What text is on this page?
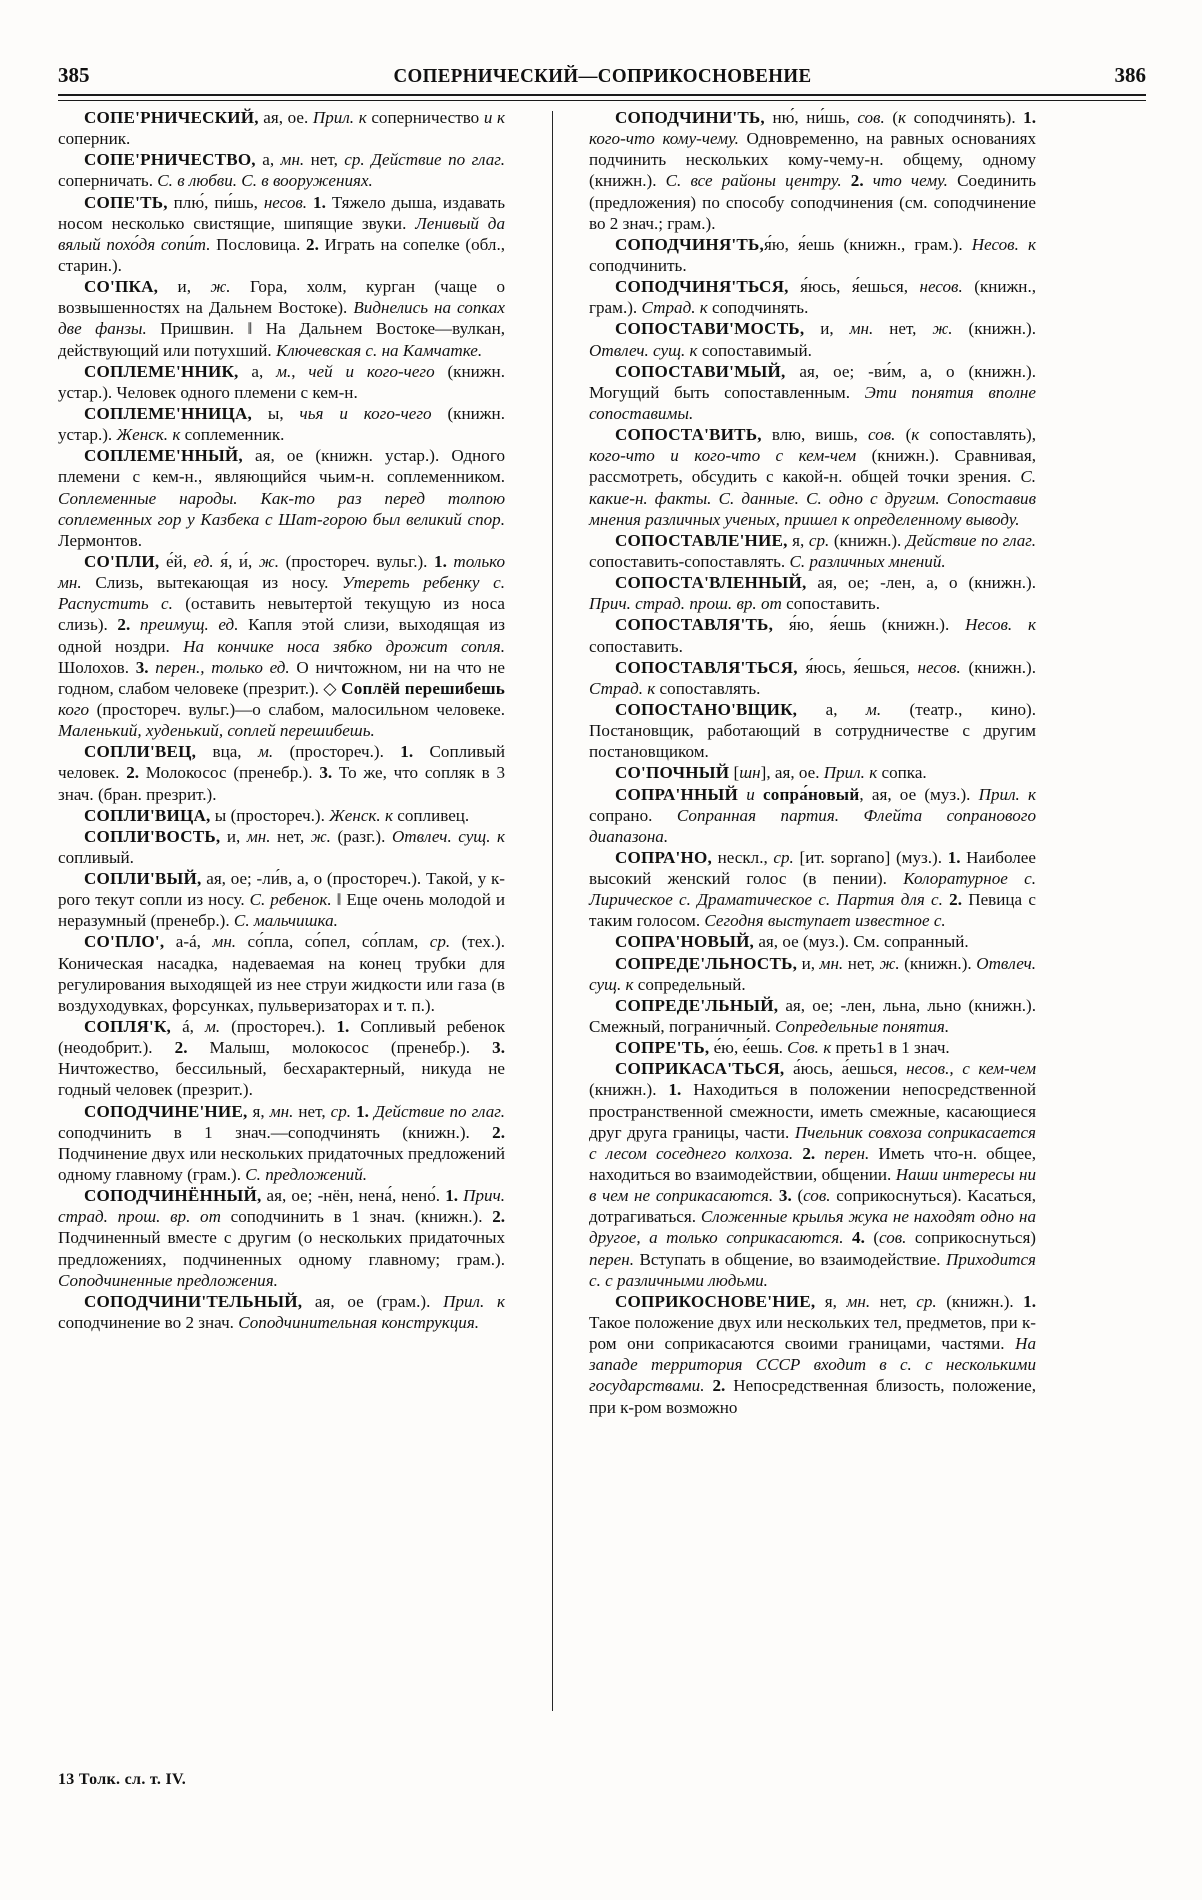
385	СОПЕРНИЧЕСКИЙ—СОПРИКОСНОВЕНИЕ	386

СОПЕ'РНИЧЕСКИЙ, ая, ое. Прил. к соперничество и к соперник.

СОПЕ'РНИЧЕСТВО, а, мн. нет, ср. Действие по глаг. соперничать. С. в любви. С. в вооружениях.

СОПЕ'ТЬ, плю́, пи́шь, несов. 1. Тяжело дыша, издавать носом несколько свистящие, шипящие звуки. Ленивый да вялый похо́дя сопи́т. Пословица. 2. Играть на сопелке (обл., старин.).

СО'ПКА, и, ж. Гора, холм, курган (чаще о возвышенностях на Дальнем Востоке). Виднелись на сопках две фанзы. Пришвин. ‖ На Дальнем Востоке—вулкан, действующий или потухший. Ключевская с. на Камчатке.

СОПЛЕМЕ'ННИК, а, м., чей и кого-чего (книжн. устар.). Человек одного племени с кем-н.

СОПЛЕМЕ'ННИЦА, ы, чья и кого-чего (книжн. устар.). Женск. к соплеменник.

СОПЛЕМЕ'ННЫЙ, ая, ое (книжн. устар.). Одного племени с кем-н., являющийся чьим-н. соплеменником. Соплеменные народы. Как-то раз перед толпою соплеменных гор у Казбека с Шат-горою был великий спор. Лермонтов.

СО'ПЛИ, е́й, ед. я́, и́, ж. (простореч. вульг.). 1. только мн. Слизь, вытекающая из носу. Утереть ребенку с. Распустить с. (оставить невытертой текущую из носа слизь). 2. преимущ. ед. Капля этой слизи, выходящая из одной ноздри. На кончике носа зябко дрожит сопля. Шолохов. 3. перен., только ед. О ничтожном, ни на что не годном, слабом человеке (презрит.). ◇ Соплёй перешибешь кого (простореч. вульг.)—о слабом, малосильном человеке. Маленький, худенький, соплей перешибешь.

СОПЛИ'ВЕЦ, вца, м. (простореч.). 1. Сопливый человек. 2. Молокосос (пренебр.). 3. То же, что сопляк в 3 знач. (бран. презрит.).

СОПЛИ'ВИЦА, ы (простореч.). Женск. к сопливец.

СОПЛИ'ВОСТЬ, и, мн. нет, ж. (разг.). Отвлеч. сущ. к сопливый.

СОПЛИ'ВЫЙ, ая, ое; -ли́в, а, о (простореч.). Такой, у к-рого текут сопли из носу. С. ребенок. ‖ Еще очень молодой и неразумный (пренебр.). С. мальчишка.

СО'ПЛО', а-á, мн. со́пла, со́пел, со́плам, ср. (тех.). Коническая насадка, надеваемая на конец трубки для регулирования выходящей из нее струи жидкости или газа (в воздуходувках, форсунках, пульверизаторах и т. п.).

СОПЛЯ'К, á, м. (простореч.). 1. Сопливый ребенок (неодобрит.). 2. Малыш, молокосос (пренебр.). 3. Ничтожество, бессильный, бесхарактерный, никуда не годный человек (презрит.).

СОПОДЧИНЕ'НИЕ, я, мн. нет, ср. 1. Действие по глаг. соподчинить в 1 знач.—соподчинять (книжн.). 2. Подчинение двух или нескольких придаточных предложений одному главному (грам.). С. предложений.

СОПОДЧИНЁННЫЙ, ая, ое; -нён, нена́, нено́. 1. Прич. страд. прош. вр. от соподчинить в 1 знач. (книжн.). 2. Подчиненный вместе с другим (о нескольких придаточных предложениях, подчиненных одному главному; грам.). Соподчиненные предложения.

СОПОДЧИНИ'ТЕЛЬНЫЙ, ая, ое (грам.). Прил. к соподчинение во 2 знач. Соподчинительная конструкция.

СОПОДЧИНИ'ТЬ, ню́, ни́шь, сов. (к соподчинять). 1. кого-что кому-чему. Одновременно, на равных основаниях подчинить нескольких кому-чему-н. общему, одному (книжн.). С. все районы центру. 2. что чему. Соединить (предложения) по способу соподчинения (см. соподчинение во 2 знач.; грам.).

СОПОДЧИНЯ'ТЬ,я́ю, я́ешь (книжн., грам.). Несов. к соподчинить.

СОПОДЧИНЯ'ТЬСЯ, я́юсь, я́ешься, несов. (книжн., грам.). Страд. к соподчинять.

СОПОСТАВИ'МОСТЬ, и, мн. нет, ж. (книжн.). Отвлеч. сущ. к сопоставимый.

СОПОСТАВИ'МЫЙ, ая, ое; -ви́м, а, о (книжн.). Могущий быть сопоставленным. Эти понятия вполне сопоставимы.

СОПОСТА'ВИТЬ, влю, вишь, сов. (к сопоставлять), кого-что и кого-что с кем-чем (книжн.). Сравнивая, рассмотреть, обсудить с какой-н. общей точки зрения. С. какие-н. факты. С. данные. С. одно с другим. Сопоставив мнения различных ученых, пришел к определенному выводу.

СОПОСТАВЛЕ'НИЕ, я, ср. (книжн.). Действие по глаг. сопоставить-сопоставлять. С. различных мнений.

СОПОСТА'ВЛЕННЫЙ, ая, ое; -лен, а, о (книжн.). Прич. страд. прош. вр. от сопоставить.

СОПОСТАВЛЯ'ТЬ, я́ю, я́ешь (книжн.). Несов. к сопоставить.

СОПОСТАВЛЯ'ТЬСЯ, я́юсь, я́ешься, несов. (книжн.). Страд. к сопоставлять.

СОПОСТАНО'ВЩИК, а, м. (театр., кино). Постановщик, работающий в сотрудничестве с другим постановщиком.

СО'ПОЧНЫЙ [шн], ая, ое. Прил. к сопка.

СОПРА'ННЫЙ и сопра́новый, ая, ое (муз.). Прил. к сопрано. Сопранная партия. Флейта сопранового диапазона.

СОПРА'НО, нескл., ср. [ит. soprano] (муз.). 1. Наиболее высокий женский голос (в пении). Колоратурное с. Лирическое с. Драматическое с. Партия для с. 2. Певица с таким голосом. Сегодня выступает известное с.

СОПРА'НОВЫЙ, ая, ое (муз.). См. сопранный.

СОПРЕДЕ'ЛЬНОСТЬ, и, мн. нет, ж. (книжн.). Отвлеч. сущ. к сопредельный.

СОПРЕДЕ'ЛЬНЫЙ, ая, ое; -лен, льна, льно (книжн.). Смежный, пограничный. Сопредельные понятия.

СОПРЕ'ТЬ, е́ю, е́ешь. Сов. к преть1 в 1 знач.

СОПРИКАСА'ТЬСЯ, а́юсь, а́ешься, несов., с кем-чем (книжн.). 1. Находиться в положении непосредственной пространственной смежности, иметь смежные, касающиеся друг друга границы, части. Пчельник совхоза соприкасается с лесом соседнего колхоза. 2. перен. Иметь что-н. общее, находиться во взаимодействии, общении. Наши интересы ни в чем не соприкасаются. 3. (сов. соприкоснуться). Касаться, дотрагиваться. Сложенные крылья жука не находят одно на другое, а только соприкасаются. 4. (сов. соприкоснуться) перен. Вступать в общение, во взаимодействие. Приходится с. с различными людьми.

СОПРИКОСНОВЕ'НИЕ, я, мн. нет, ср. (книжн.). 1. Такое положение двух или нескольких тел, предметов, при к-ром они соприкасаются своими границами, частями. На западе территория СССР входит в с. с несколькими государствами. 2. Непосредственная близость, положение, при к-ром возможно

13 Толк. сл. т. IV.
